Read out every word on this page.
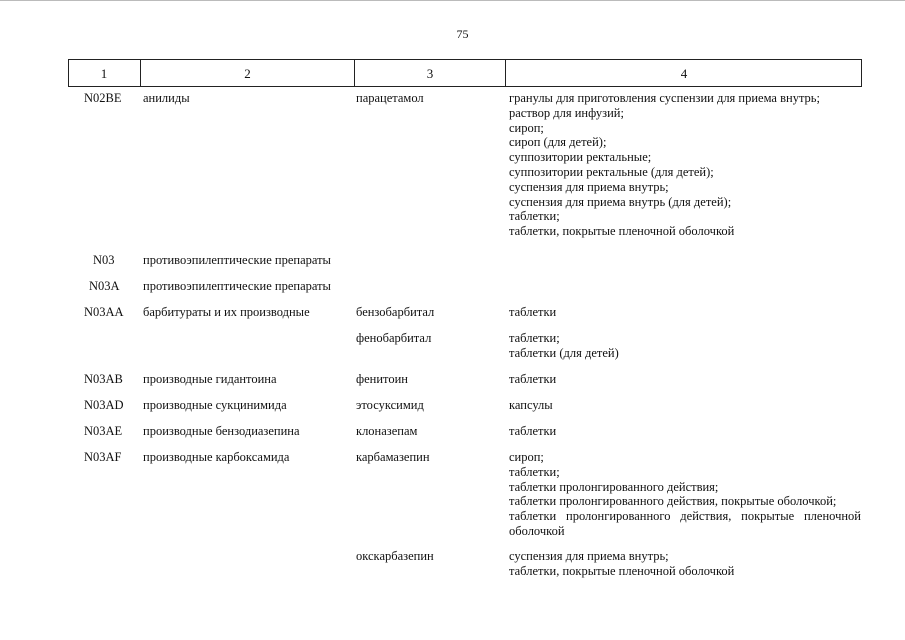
75
1	2	3	4
N02BE анилиды	парацетамол	гранулы для приготовления суспензии для приема внутрь;
раствор для инфузий;
сироп;
сироп (для детей);
суппозитории ректальные;
суппозитории ректальные (для детей);
суспензия для приема внутрь;
суспензия для приема внутрь (для детей);
таблетки;
таблетки, покрытые пленочной оболочкой
N03 противоэпилептические препараты
N03A противоэпилептические препараты
N03AA барбитураты и их производные	бензобарбитал	таблетки
фенобарбитал	таблетки;
таблетки (для детей)
N03AB производные гидантоина	фенитоин	таблетки
N03AD производные сукцинимида	этосуксимид	капсулы
N03AE производные бензодиазепина	клоназепам	таблетки
N03AF производные карбоксамида	карбамазепин	сироп;
таблетки;
таблетки пролонгированного действия;
таблетки пролонгированного действия, покрытые оболочкой;
таблетки пролонгированного действия, покрытые пленочной
оболочкой
окскарбазепин	суспензия для приема внутрь;
таблетки, покрытые пленочной оболочкой
